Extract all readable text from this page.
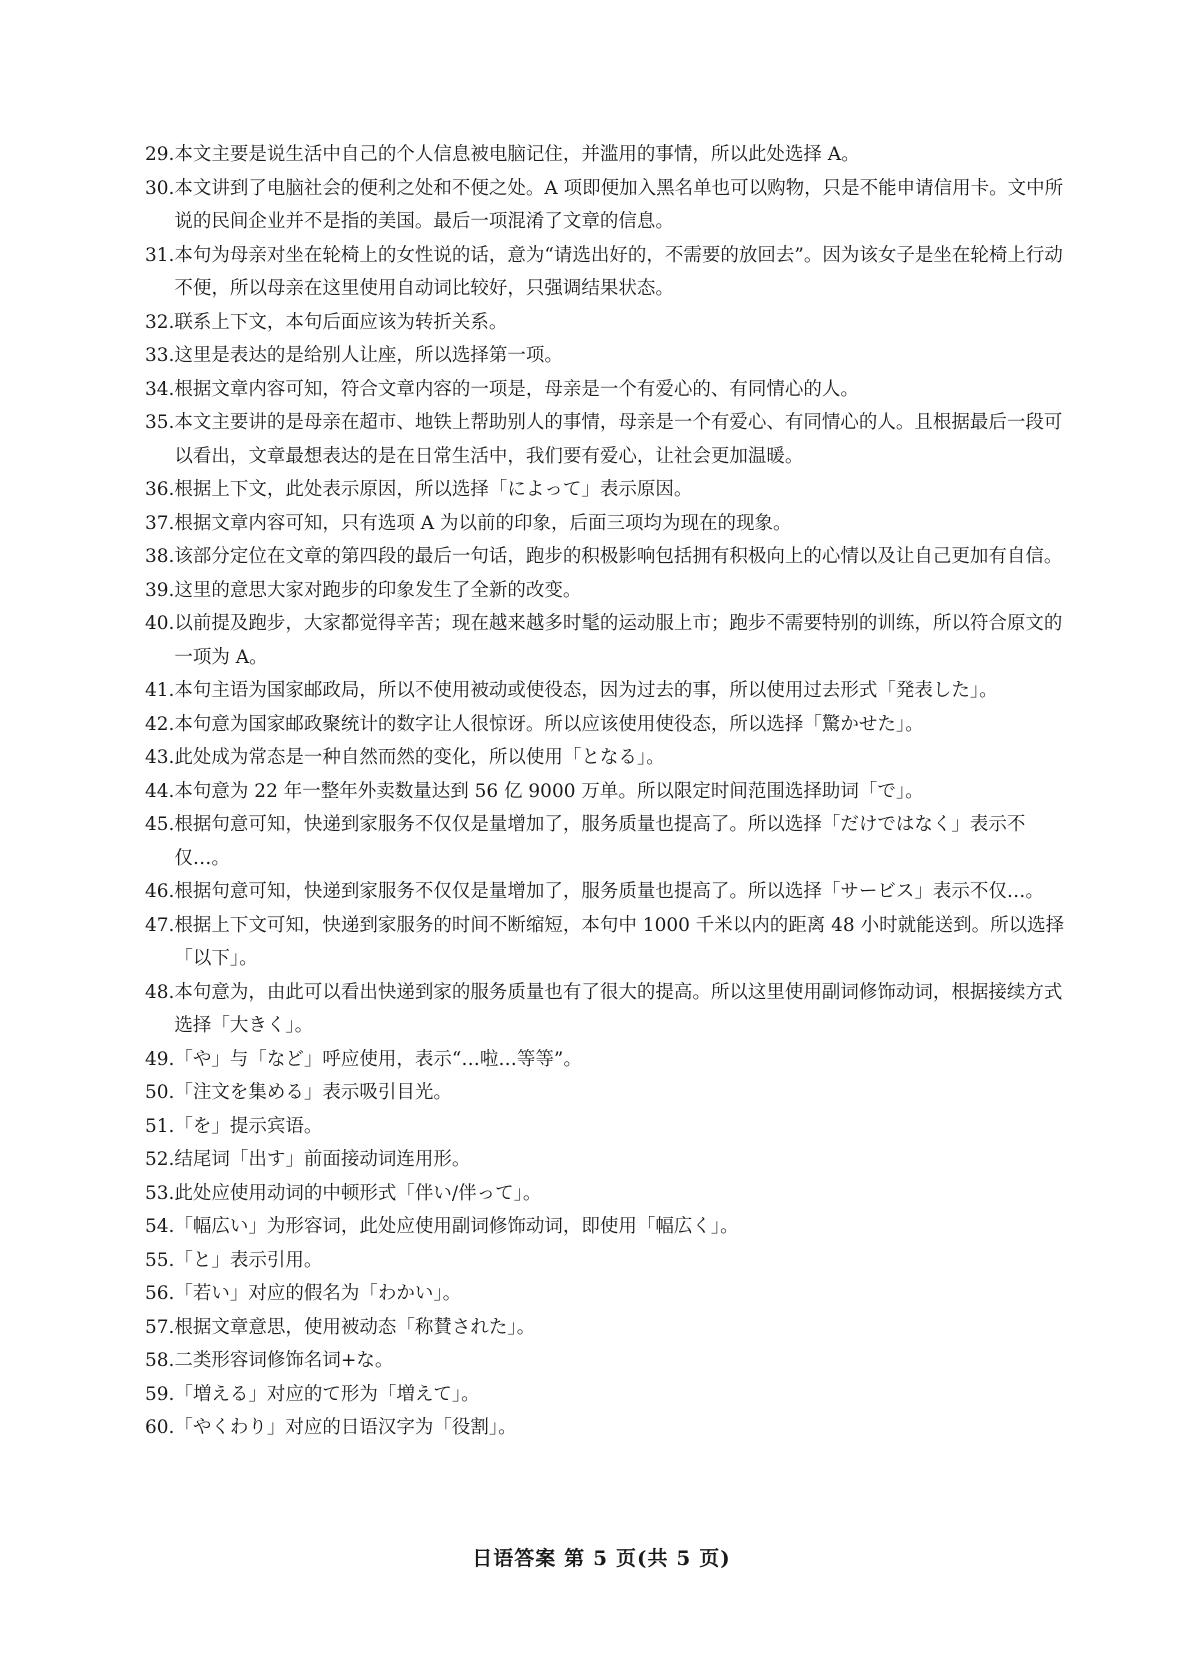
29. 本文主要是说生活中自己的个人信息被电脑记住，并滥用的事情，所以此处选择 A。
30. 本文讲到了电脑社会的便利之处和不便之处。A 项即便加入黑名单也可以购物，只是不能申请信用卡。文中所说的民间企业并不是指的美国。最后一项混淆了文章的信息。
31. 本句为母亲对坐在轮椅上的女性说的话，意为“请选出好的，不需要的放回去”。因为该女子是坐在轮椅上行动不便，所以母亲在这里使用自动词比较好，只强调结果状态。
32. 联系上下文，本句后面应该为转折关系。
33. 这里是表达的是给别人让座，所以选择第一项。
34. 根据文章内容可知，符合文章内容的一项是，母亲是一个有爱心的、有同情心的人。
35. 本文主要讲的是母亲在超市、地铁上帮助别人的事情，母亲是一个有爱心、有同情心的人。且根据最后一段可以看出，文章最想表达的是在日常生活中，我们要有爱心，让社会更加温暖。
36. 根据上下文，此处表示原因，所以选择「によって」表示原因。
37. 根据文章内容可知，只有选项 A 为以前的印象，后面三项均为现在的现象。
38. 该部分定位在文章的第四段的最后一句话，跑步的积极影响包括拥有积极向上的心情以及让自己更加有自信。
39. 这里的意思大家对跑步的印象发生了全新的改变。
40. 以前提及跑步，大家都觉得辛苦；现在越来越多时髦的运动服上市；跑步不需要特别的训练，所以符合原文的一项为 A。
41. 本句主语为国家邮政局，所以不使用被动或使役态，因为过去的事，所以使用过去形式「発表した」。
42. 本句意为国家邮政聚统计的数字让人很惊讶。所以应该使用使役态，所以选择「驚かせた」。
43. 此处成为常态是一种自然而然的变化，所以使用「となる」。
44. 本句意为 22 年一整年外卖数量达到 56 亿 9000 万单。所以限定时间范围选择助词「で」。
45. 根据句意可知，快递到家服务不仅仅是量增加了，服务质量也提高了。所以选择「だけではなく」表示不仅…。
46. 根据句意可知，快递到家服务不仅仅是量增加了，服务质量也提高了。所以选择「サービス」表示不仅…。
47. 根据上下文可知，快递到家服务的时间不断缩短，本句中 1000 千米以内的距离 48 小时就能送到。所以选择「以下」。
48. 本句意为，由此可以看出快递到家的服务质量也有了很大的提高。所以这里使用副词修饰动词，根据接续方式选择「大きく」。
49. 「や」与「など」呼应使用，表示“…啦…等等”。
50. 「注文を集める」表示吸引目光。
51. 「を」提示宾语。
52. 结尾词「出す」前面接动词连用形。
53. 此处应使用动词的中顿形式「伴い/伴って」。
54. 「幅広い」为形容词，此处应使用副词修饰动词，即使用「幅広く」。
55. 「と」表示引用。
56. 「若い」对应的假名为「わかい」。
57. 根据文章意思，使用被动态「称賛された」。
58. 二类形容词修饰名词+な。
59. 「増える」对应的て形为「増えて」。
60. 「やくわり」对应的日语汉字为「役割」。
日语答案 第 5 页(共 5 页)
